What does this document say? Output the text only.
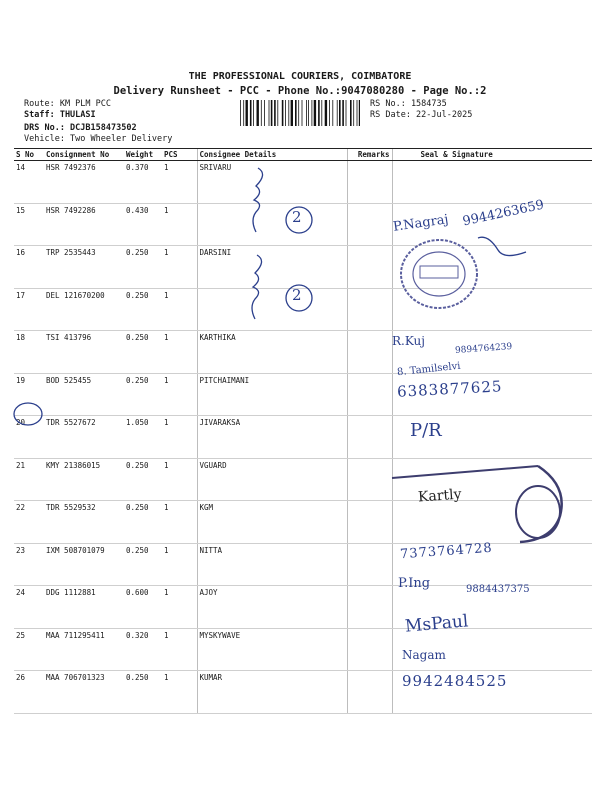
THE PROFESSIONAL COURIERS, COIMBATORE
Delivery Runsheet - PCC - Phone No.:9047080280 - Page No.:2
Route: KM PLM PCC
Staff: THULASI
DRS No.: DCJB158473502
Vehicle: Two Wheeler Delivery
RS No.: 1584735
RS Date: 22-Jul-2025
S No	Consignment No	Weight	PCS	Consignee Details	Remarks	Seal & Signature
14	HSR 7492376	0.370	1	SRIVARU		
15	HSR 7492286	0.430	1			
16	TRP 2535443	0.250	1	DARSINI		
17	DEL 121670200	0.250	1			
18	TSI 413796	0.250	1	KARTHIKA		
19	BOD 525455	0.250	1	PITCHAIMANI		
20	TDR 5527672	1.050	1	JIVARAKSA		
21	KMY 21386015	0.250	1	VGUARD		
22	TDR 5529532	0.250	1	KGM		
23	IXM 508701079	0.250	1	NITTA		
24	DDG 1112881	0.600	1	AJOY		
25	MAA 711295411	0.320	1	MYSKYWAVE		
26	MAA 706701323	0.250	1	KUMAR		
2
2
P.Nagraj 9944263659
R.Kuj
9894764239
8. Tamilselvi
6383877625
P/R
Kartly
7373764728
P.Ing	9884437375
MsPaul
Nagam
9942484525
